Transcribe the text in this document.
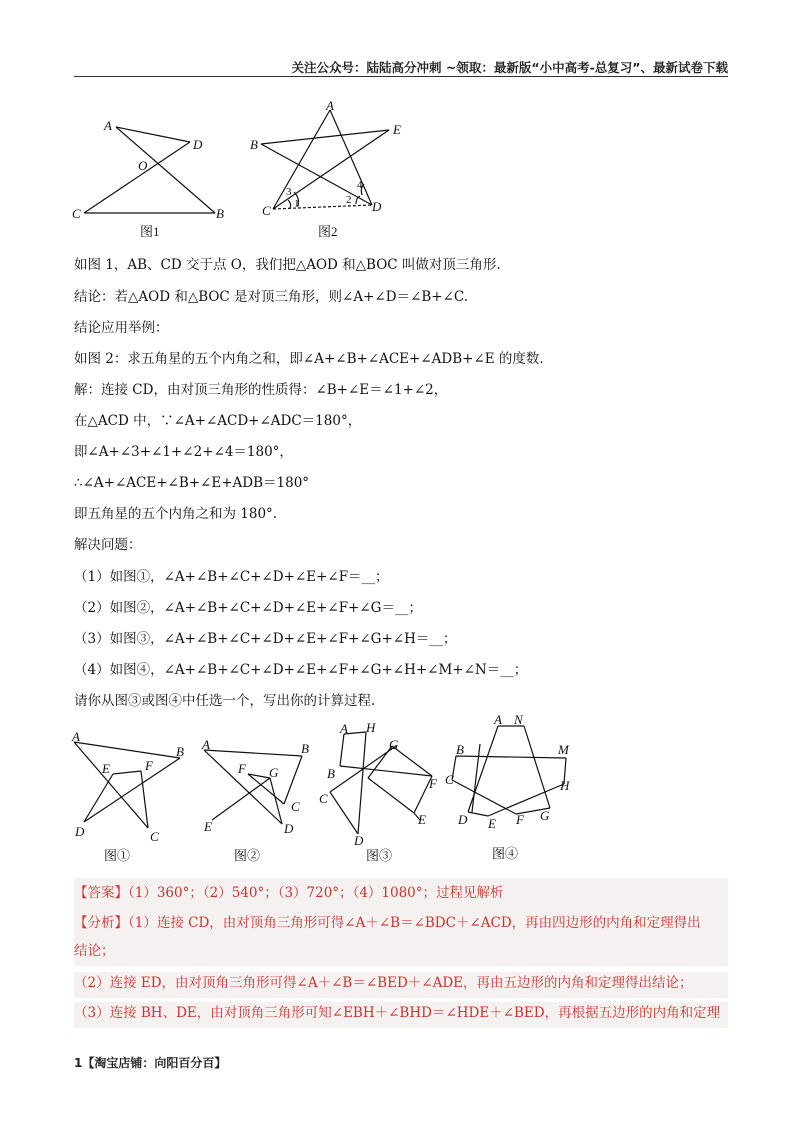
关注公众号：陆陆高分冲刺 ~领取：最新版“小中高考-总复习”、最新试卷下载
A
D
O
C	B
图1
A
B
E
C	D
1	2
3
4
图2
如图 1，AB、CD 交于点 O，我们把△AOD 和△BOC 叫做对顶三角形.
结论：若△AOD 和△BOC 是对顶三角形，则∠A+∠D＝∠B+∠C.
结论应用举例：
如图 2：求五角星的五个内角之和，即∠A+∠B+∠ACE+∠ADB+∠E 的度数.
解：连接 CD，由对顶三角形的性质得：∠B+∠E＝∠1+∠2，
在△ACD 中，∵∠A+∠ACD+∠ADC＝180°，
即∠A+∠3+∠1+∠2+∠4＝180°，
∴∠A+∠ACE+∠B+∠E+ADB＝180°
即五角星的五个内角之和为 180°.
解决问题：
（1）如图①，∠A+∠B+∠C+∠D+∠E+∠F＝__；
（2）如图②，∠A+∠B+∠C+∠D+∠E+∠F+∠G＝__；
（3）如图③，∠A+∠B+∠C+∠D+∠E+∠F+∠G+∠H＝__；
（4）如图④，∠A+∠B+∠C+∠D+∠E+∠F+∠G+∠H+∠M+∠N＝__；
请你从图③或图④中任选一个，写出你的计算过程.
A
B
E	F
D	C
图①
A	B
F G
C
E	D
图②
A H
G
B
F
C
E
D
图③
A N
B	M
C	H
D E F G
图④
【答案】（1）360°；（2）540°；（3）720°；（4）1080°；过程见解析
【分析】（1）连接 CD，由对顶角三角形可得∠A＋∠B＝∠BDC＋∠ACD，再由四边形的内角和定理得出
结论；
（2）连接 ED，由对顶角三角形可得∠A＋∠B＝∠BED＋∠ADE，再由五边形的内角和定理得出结论；
（3）连接 BH、DE，由对顶角三角形可知∠EBH＋∠BHD＝∠HDE＋∠BED，再根据五边形的内角和定理
1【淘宝店铺：向阳百分百】
